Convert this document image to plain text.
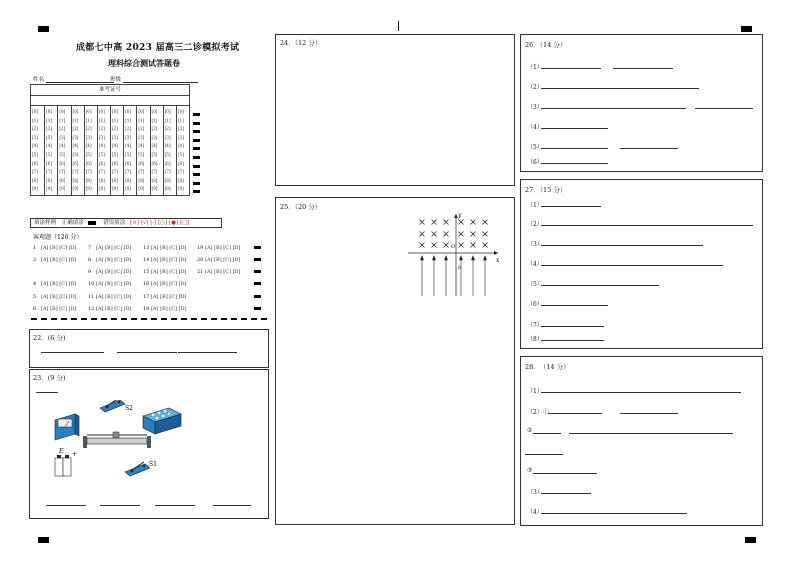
成都七中高 2023 届高三二诊模拟考试
理科综合测试答题卷
姓名	班级
准考证号
[0]
[1]
[2]
[3]
[4]
[5]
[6]
[7]
[8]
[9]
[0]
[1]
[2]
[3]
[4]
[5]
[6]
[7]
[8]
[9]
[0]
[1]
[2]
[3]
[4]
[5]
[6]
[7]
[8]
[9]
[0]
[1]
[2]
[3]
[4]
[5]
[6]
[7]
[8]
[9]
[0]
[1]
[2]
[3]
[4]
[5]
[6]
[7]
[8]
[9]
[0]
[1]
[2]
[3]
[4]
[5]
[6]
[7]
[8]
[9]
[0]
[1]
[2]
[3]
[4]
[5]
[6]
[7]
[8]
[9]
[0]
[1]
[2]
[3]
[4]
[5]
[6]
[7]
[8]
[9]
[0]
[1]
[2]
[3]
[4]
[5]
[6]
[7]
[8]
[9]
[0]
[1]
[2]
[3]
[4]
[5]
[6]
[7]
[8]
[9]
[0]
[1]
[2]
[3]
[4]
[5]
[6]
[7]
[8]
[9]
[0]
[1]
[2]
[3]
[4]
[5]
[6]
[7]
[8]
[9]
填涂样例 正确填涂	错误填涂 [×] [√] [-] [○] [●] [□]
客观题（126 分）
1 [A] [B] [C] [D]
2 [A] [B] [C] [D]
4 [A] [B] [C] [D]
5 [A] [B] [C] [D]
6 [A] [B] [C] [D]
7 [A] [B] [C] [D]
8 [A] [B] [C] [D]
9 [A] [B] [C] [D]
10 [A] [B] [C] [D]
11 [A] [B] [C] [D]
12 [A] [B] [C] [D]
13 [A] [B] [C] [D]
14 [A] [B] [C] [D]
15 [A] [B] [C] [D]
16 [A] [B] [C] [D]
17 [A] [B] [C] [D]
18 [A] [B] [C] [D]
19 [A] [B] [C] [D]
20 [A] [B] [C] [D]
21 [A] [B] [C] [D]
22．(6 分)
23．(9 分)
S2
E +
S1
24．（12 分）
25．（20 分）
x
y
O
b
26．（14 分）
（1）
（2）
（3）
（4）
（5）
（6）
27．（15 分）
（1）
（2）
（3）
（4）
（5）
（6）
（7）
（8）
28．　（14 分）
（1）
（2）①
②
③
（3）
（4）
